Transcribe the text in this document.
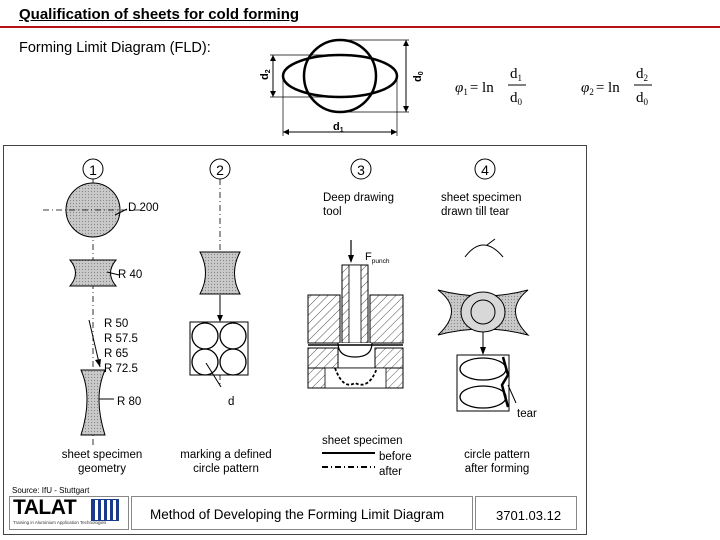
Qualification of sheets for cold forming
Forming Limit Diagram (FLD):
d2
d0
d1
$\varphi_1 = \ln$
$d_1$
$d_0$
$\varphi_2 = \ln$
$d_2$
$d_0$
1	2	3	4
D 200
R 40
R 50
R 57.5
R 65
R 72.5
R 80
sheet specimen
geometry
d
marking a defined
circle pattern
Deep drawing
tool
$F_{punch}$
sheet specimen
before
after
sheet specimen
drawn till tear
tear
circle pattern
after forming
Source: IfU - Stuttgart
TALAT
Training in Aluminium Application Technologies
Method of Developing the Forming Limit Diagram	3701.03.12
